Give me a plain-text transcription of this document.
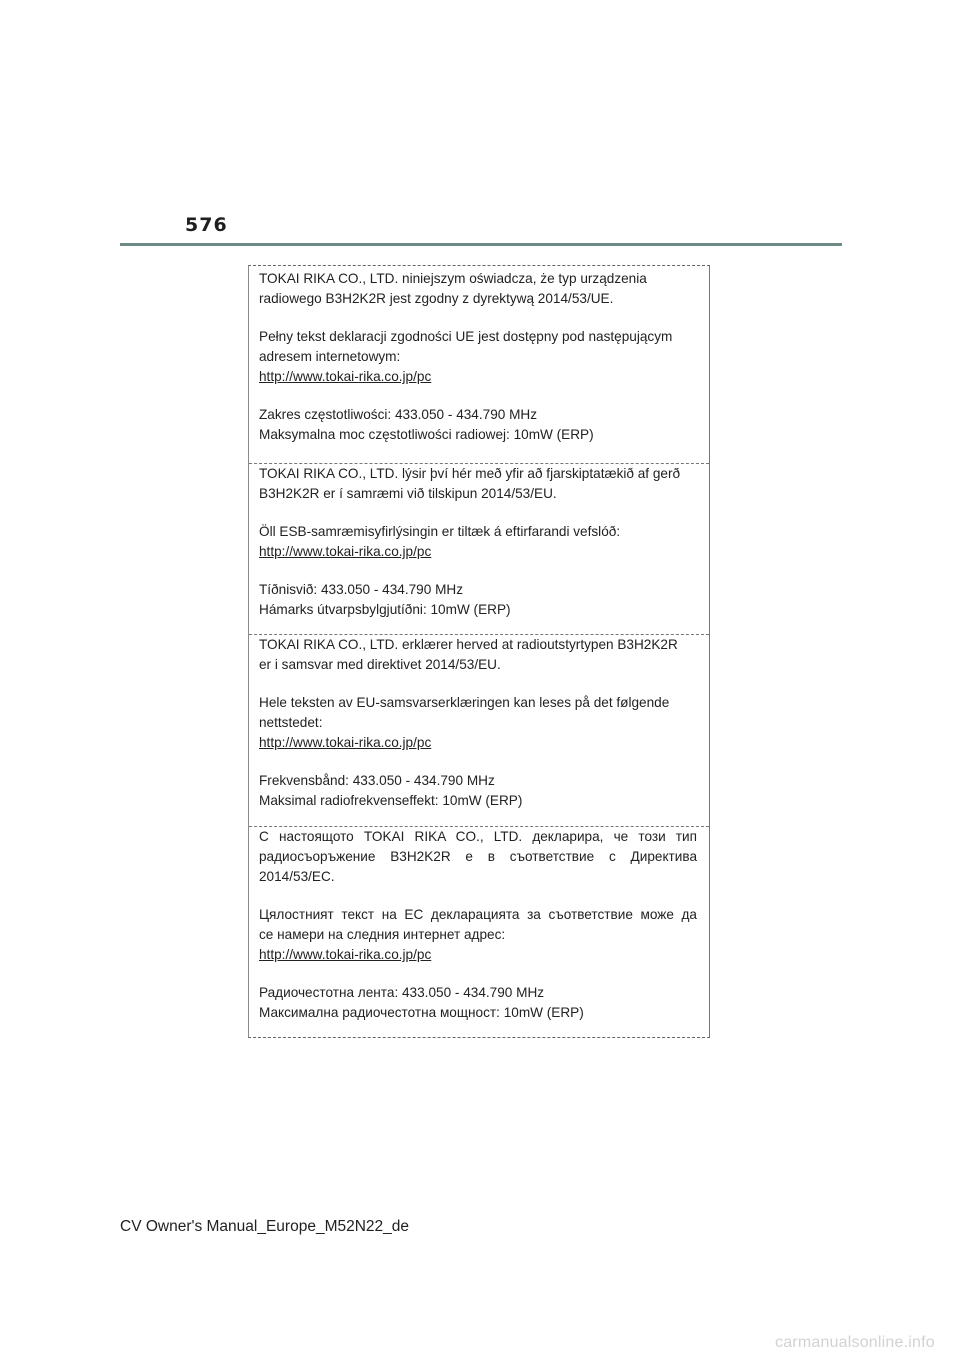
576

TOKAI RIKA CO., LTD. niniejszym oświadcza, że typ urządzenia

radiowego B3H2K2R jest zgodny z dyrektywą 2014/53/UE.

Pełny tekst deklaracji zgodności UE jest dostępny pod następującym

adresem internetowym:

http://www.tokai-rika.co.jp/pc

Zakres częstotliwości: 433.050 - 434.790 MHz

Maksymalna moc częstotliwości radiowej: 10mW (ERP)

TOKAI RIKA CO., LTD. lýsir því hér með yfir að fjarskiptatækið af gerð

B3H2K2R er í samræmi við tilskipun 2014/53/EU.

Öll ESB-samræmisyfirlýsingin er tiltæk á eftirfarandi vefslóð:

http://www.tokai-rika.co.jp/pc

Tíðnisvið: 433.050 - 434.790 MHz

Hámarks útvarpsbylgjutíðni: 10mW (ERP)

TOKAI RIKA CO., LTD. erklærer herved at radioutstyrtypen B3H2K2R

er i samsvar med direktivet 2014/53/EU.

Hele teksten av EU-samsvarserklæringen kan leses på det følgende

nettstedet:

http://www.tokai-rika.co.jp/pc

Frekvensbånd: 433.050 - 434.790 MHz

Maksimal radiofrekvenseffekt: 10mW (ERP)

С настоящото TOKAI RIKA CO., LTD. декларира, че този тип

радиосъоръжение B3H2K2R е в съответствие с Директива

2014/53/ЕС.

Цялостният текст на ЕС декларацията за съответствие може да

се намери на следния интернет адрес:

http://www.tokai-rika.co.jp/pc

Радиочестотна лента: 433.050 - 434.790 MHz

Максимална радиочестотна мощност: 10mW (ERP)

CV Owner's Manual_Europe_M52N22_de
carmanualsonline.info
